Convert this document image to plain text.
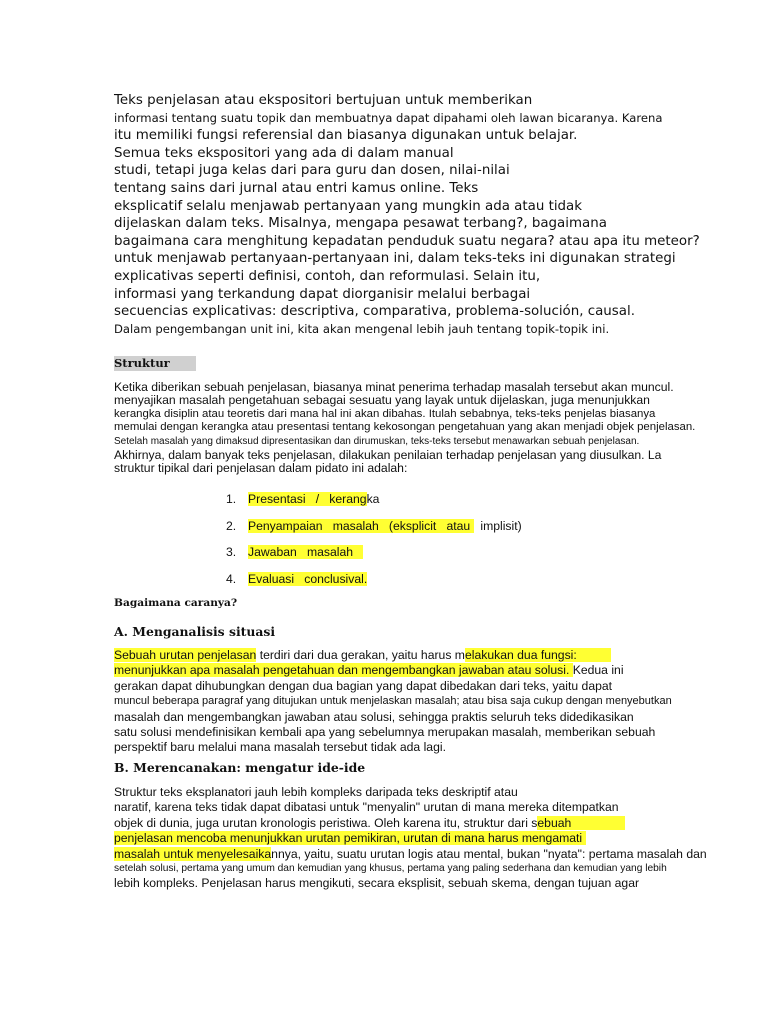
Teks penjelasan atau ekspositori bertujuan untuk memberikan
informasi tentang suatu topik dan membuatnya dapat dipahami oleh lawan bicaranya. Karena
itu memiliki fungsi referensial dan biasanya digunakan untuk belajar.
Semua teks ekspositori yang ada di dalam manual
studi, tetapi juga kelas dari para guru dan dosen, nilai-nilai
tentang sains dari jurnal atau entri kamus online. Teks
eksplicatif selalu menjawab pertanyaan yang mungkin ada atau tidak
dijelaskan dalam teks. Misalnya, mengapa pesawat terbang?, bagaimana
bagaimana cara menghitung kepadatan penduduk suatu negara? atau apa itu meteor?
untuk menjawab pertanyaan-pertanyaan ini, dalam teks-teks ini digunakan strategi
explicativas seperti definisi, contoh, dan reformulasi. Selain itu,
informasi yang terkandung dapat diorganisir melalui berbagai
secuencias explicativas: descriptiva, comparativa, problema-solución, causal.
Dalam pengembangan unit ini, kita akan mengenal lebih jauh tentang topik-topik ini.
Struktur
Ketika diberikan sebuah penjelasan, biasanya minat penerima terhadap masalah tersebut akan muncul.
menyajikan masalah pengetahuan sebagai sesuatu yang layak untuk dijelaskan, juga menunjukkan
kerangka disiplin atau teoretis dari mana hal ini akan dibahas. Itulah sebabnya, teks-teks penjelas biasanya
memulai dengan kerangka atau presentasi tentang kekosongan pengetahuan yang akan menjadi objek penjelasan.
Setelah masalah yang dimaksud dipresentasikan dan dirumuskan, teks-teks tersebut menawarkan sebuah penjelasan.
Akhirnya, dalam banyak teks penjelasan, dilakukan penilaian terhadap penjelasan yang diusulkan. La
struktur tipikal dari penjelasan dalam pidato ini adalah:
1. Presentasi   /   kerangka
2. Penyampaian   masalah   (eksplicit   atau   implisit)
3. Jawaban   masalah
4. Evaluasi   conclusival.
Bagaimana caranya?
A. Menganalisis situasi
Sebuah urutan penjelasan terdiri dari dua gerakan, yaitu harus melakukan dua fungsi:
menunjukkan apa masalah pengetahuan dan mengembangkan jawaban atau solusi. Kedua ini
gerakan dapat dihubungkan dengan dua bagian yang dapat dibedakan dari teks, yaitu dapat
muncul beberapa paragraf yang ditujukan untuk menjelaskan masalah; atau bisa saja cukup dengan menyebutkan
masalah dan mengembangkan jawaban atau solusi, sehingga praktis seluruh teks didedikasikan
satu solusi mendefinisikan kembali apa yang sebelumnya merupakan masalah, memberikan sebuah
perspektif baru melalui mana masalah tersebut tidak ada lagi.
B. Merencanakan: mengatur ide-ide
Struktur teks eksplanatori jauh lebih kompleks daripada teks deskriptif atau
naratif, karena teks tidak dapat dibatasi untuk "menyalin" urutan di mana mereka ditempatkan
objek di dunia, juga urutan kronologis peristiwa. Oleh karena itu, struktur dari sebuah
penjelasan mencoba menunjukkan urutan pemikiran, urutan di mana harus mengamati
masalah untuk menyelesaikannya, yaitu, suatu urutan logis atau mental, bukan "nyata": pertama masalah dan
setelah solusi, pertama yang umum dan kemudian yang khusus, pertama yang paling sederhana dan kemudian yang lebih
lebih kompleks. Penjelasan harus mengikuti, secara eksplisit, sebuah skema, dengan tujuan agar
